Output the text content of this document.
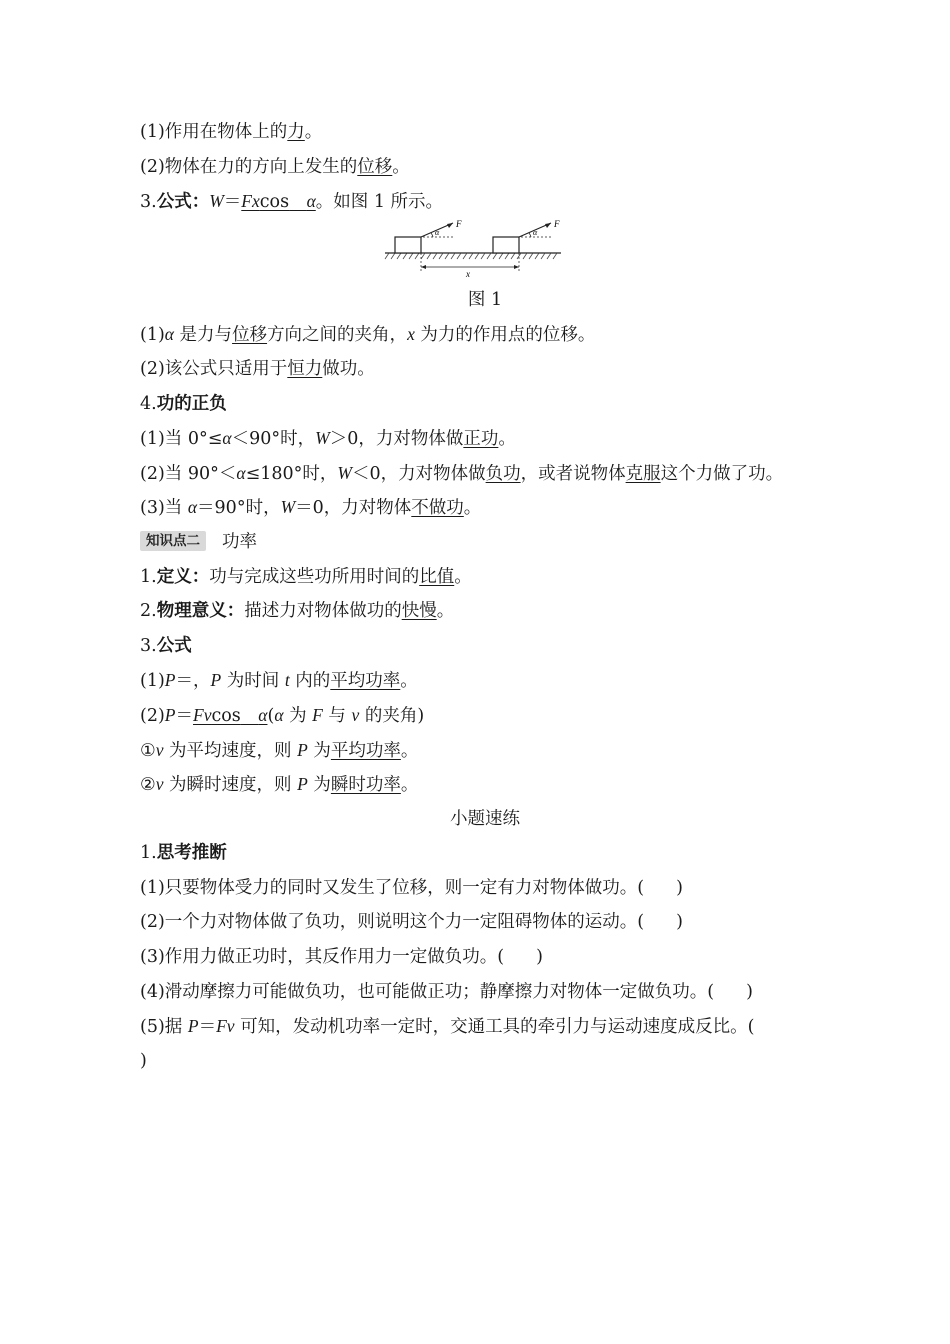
(1)作用在物体上的力。
(2)物体在力的方向上发生的位移。
3.公式：W＝Fxcos　 α。如图 1 所示。
F
α
F
α
x
图 1
(1)α 是力与位移方向之间的夹角，x 为力的作用点的位移。
(2)该公式只适用于恒力做功。
4.功的正负
(1)当 0°≤α＜90°时，W＞0，力对物体做正功。
(2)当 90°＜α≤180°时，W＜0，力对物体做负功，或者说物体克服这个力做了功。
(3)当 α＝90°时，W＝0，力对物体不做功。
知识点二 功率
1.定义：功与完成这些功所用时间的比值。
2.物理意义：描述力对物体做功的快慢。
3.公式
(1)P＝，P 为时间 t 内的平均功率。
(2)P＝Fvcos　 α(α 为 F 与 v 的夹角)
①v 为平均速度，则 P 为平均功率。
②v 为瞬时速度，则 P 为瞬时功率。
小题速练
1.思考推断
(1)只要物体受力的同时又发生了位移，则一定有力对物体做功。( )
(2)一个力对物体做了负功，则说明这个力一定阻碍物体的运动。( )
(3)作用力做正功时，其反作用力一定做负功。( )
(4)滑动摩擦力可能做负功，也可能做正功；静摩擦力对物体一定做负功。( )
(5)据 P＝Fv 可知，发动机功率一定时，交通工具的牵引力与运动速度成反比。(
)
